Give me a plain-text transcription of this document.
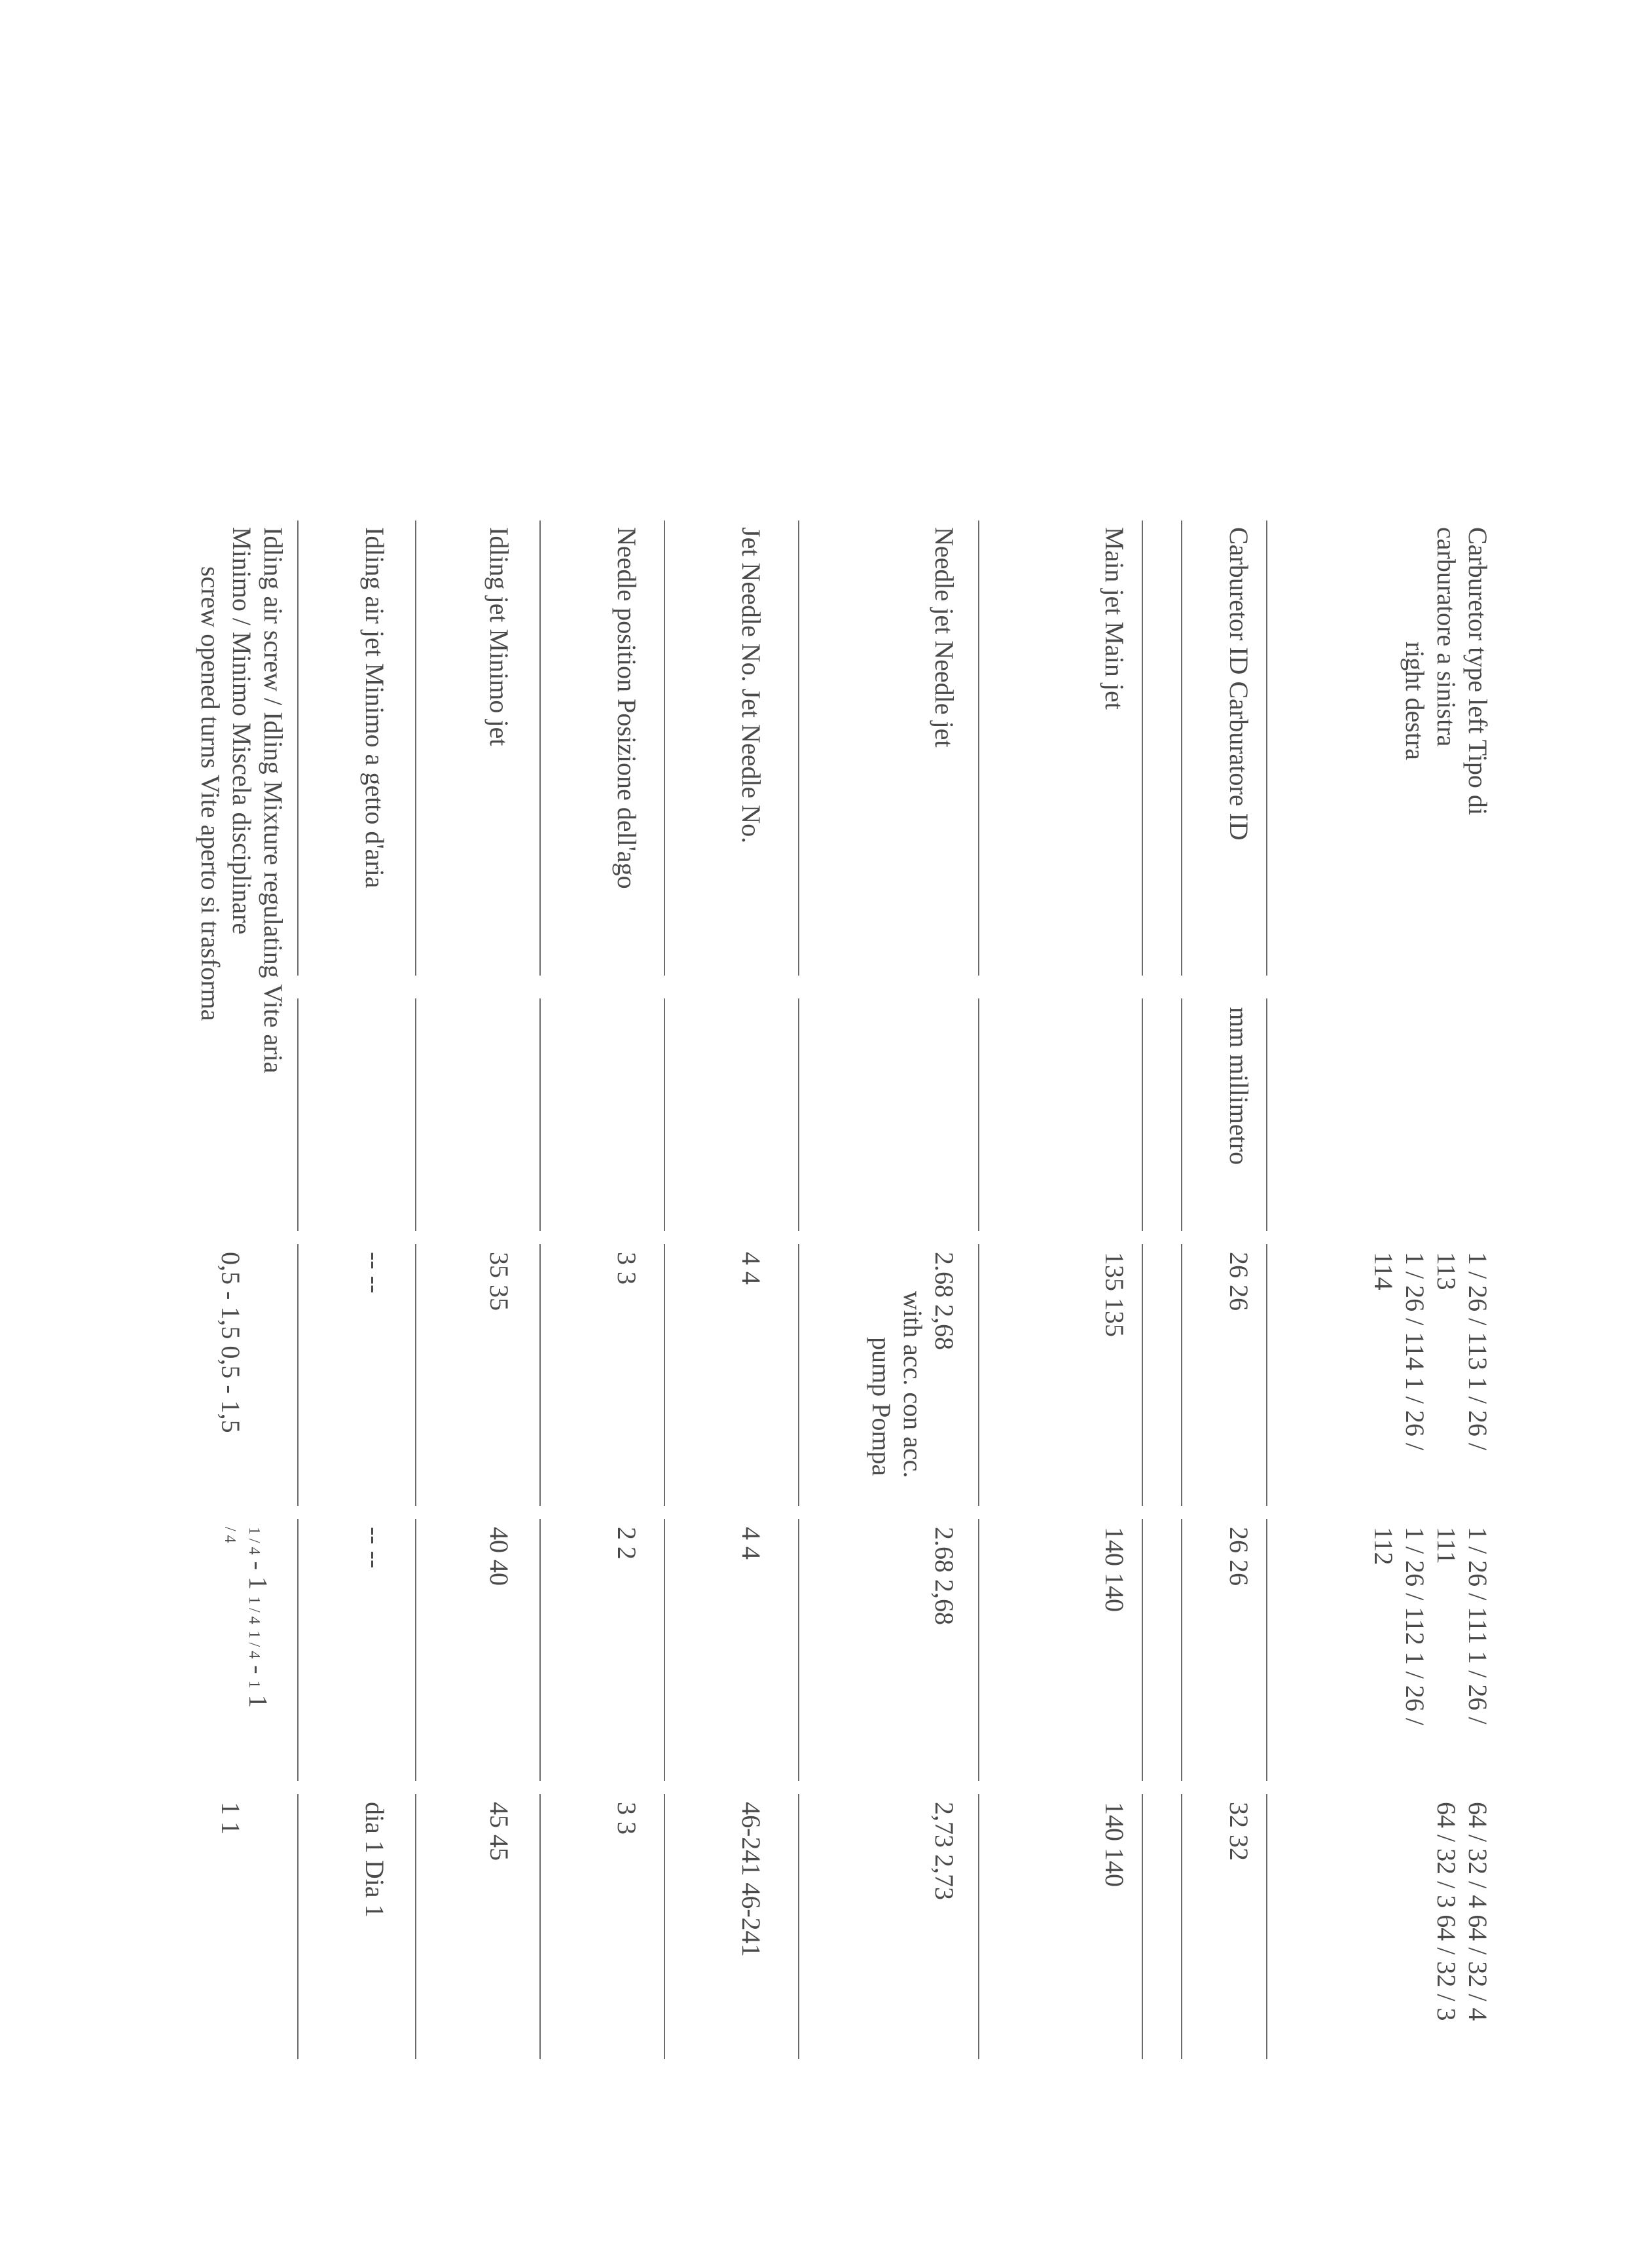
Carburetor type left Tipo di
carburatore a sinistra
right destra
1 / 26 / 113 1 / 26 /
113
1 / 26 / 114 1 / 26 /
114
1 / 26 / 111 1 / 26 /
111
1 / 26 / 112 1 / 26 /
112
64 / 32 / 4 64 / 32 / 4
64 / 32 / 3 64 / 32 / 3
Carburetor ID Carburatore ID
mm millimetro
26 26
26 26
32 32
Main jet Main jet
135 135
140 140
140 140
Needle jet Needle jet
2.68 2,68
with acc. con acc.
pump Pompa
2.68 2,68
2,73 2,73
Jet Needle No. Jet Needle No.
4 4
4 4
46-241 46-241
Needle position Posizione dell'ago
3 3
2 2
3 3
Idling jet Minimo jet
35 35
40 40
45 45
Idling air jet Minimo a getto d'aria
-- --
-- --
dia 1 Dia 1
Idling air screw / Idling Mixture regulating Vite aria
Minimo / Minimo Miscela disciplinare
screw opened turns Vite aperto si trasforma
0,5 - 1,5 0,5 - 1,5
1 / 4 - 1 1 / 4 1 / 4 - 1 1
/ 4
1 1
